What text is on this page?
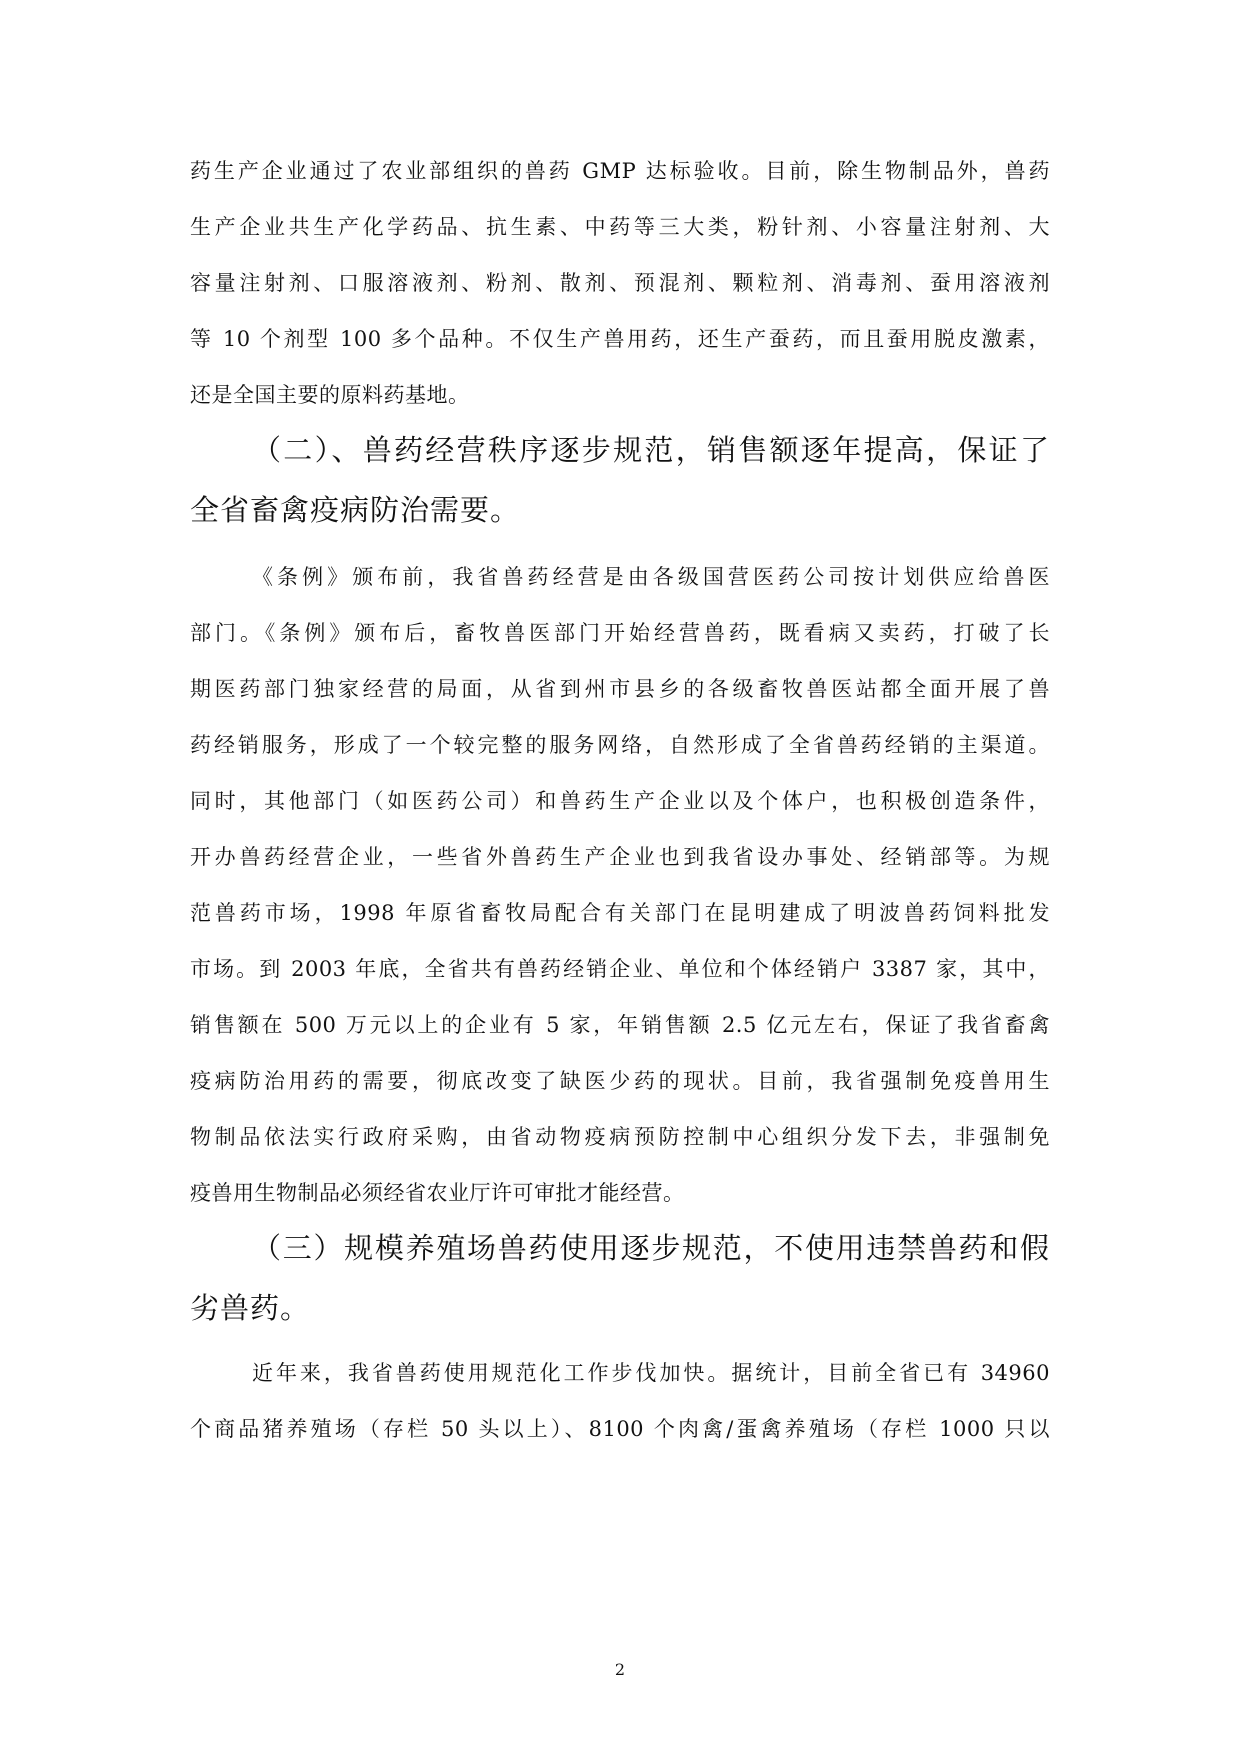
药生产企业通过了农业部组织的兽药 GMP 达标验收。目前，除生物制品外，兽药
生产企业共生产化学药品、抗生素、中药等三大类，粉针剂、小容量注射剂、大
容量注射剂、口服溶液剂、粉剂、散剂、预混剂、颗粒剂、消毒剂、蚕用溶液剂
等 10 个剂型 100 多个品种。不仅生产兽用药，还生产蚕药，而且蚕用脱皮激素，
还是全国主要的原料药基地。
（二）、兽药经营秩序逐步规范，销售额逐年提高，保证了
全省畜禽疫病防治需要。
《条例》颁布前，我省兽药经营是由各级国营医药公司按计划供应给兽医
部门。《条例》颁布后，畜牧兽医部门开始经营兽药，既看病又卖药，打破了长
期医药部门独家经营的局面，从省到州市县乡的各级畜牧兽医站都全面开展了兽
药经销服务，形成了一个较完整的服务网络，自然形成了全省兽药经销的主渠道。
同时，其他部门（如医药公司）和兽药生产企业以及个体户，也积极创造条件，
开办兽药经营企业，一些省外兽药生产企业也到我省设办事处、经销部等。为规
范兽药市场，1998 年原省畜牧局配合有关部门在昆明建成了明波兽药饲料批发
市场。到 2003 年底，全省共有兽药经销企业、单位和个体经销户 3387 家，其中，
销售额在 500 万元以上的企业有 5 家，年销售额 2.5 亿元左右，保证了我省畜禽
疫病防治用药的需要，彻底改变了缺医少药的现状。目前，我省强制免疫兽用生
物制品依法实行政府采购，由省动物疫病预防控制中心组织分发下去，非强制免
疫兽用生物制品必须经省农业厅许可审批才能经营。
（三）规模养殖场兽药使用逐步规范，不使用违禁兽药和假
劣兽药。
近年来，我省兽药使用规范化工作步伐加快。据统计，目前全省已有 34960
个商品猪养殖场（存栏 50 头以上）、8100 个肉禽/蛋禽养殖场（存栏 1000 只以
2
